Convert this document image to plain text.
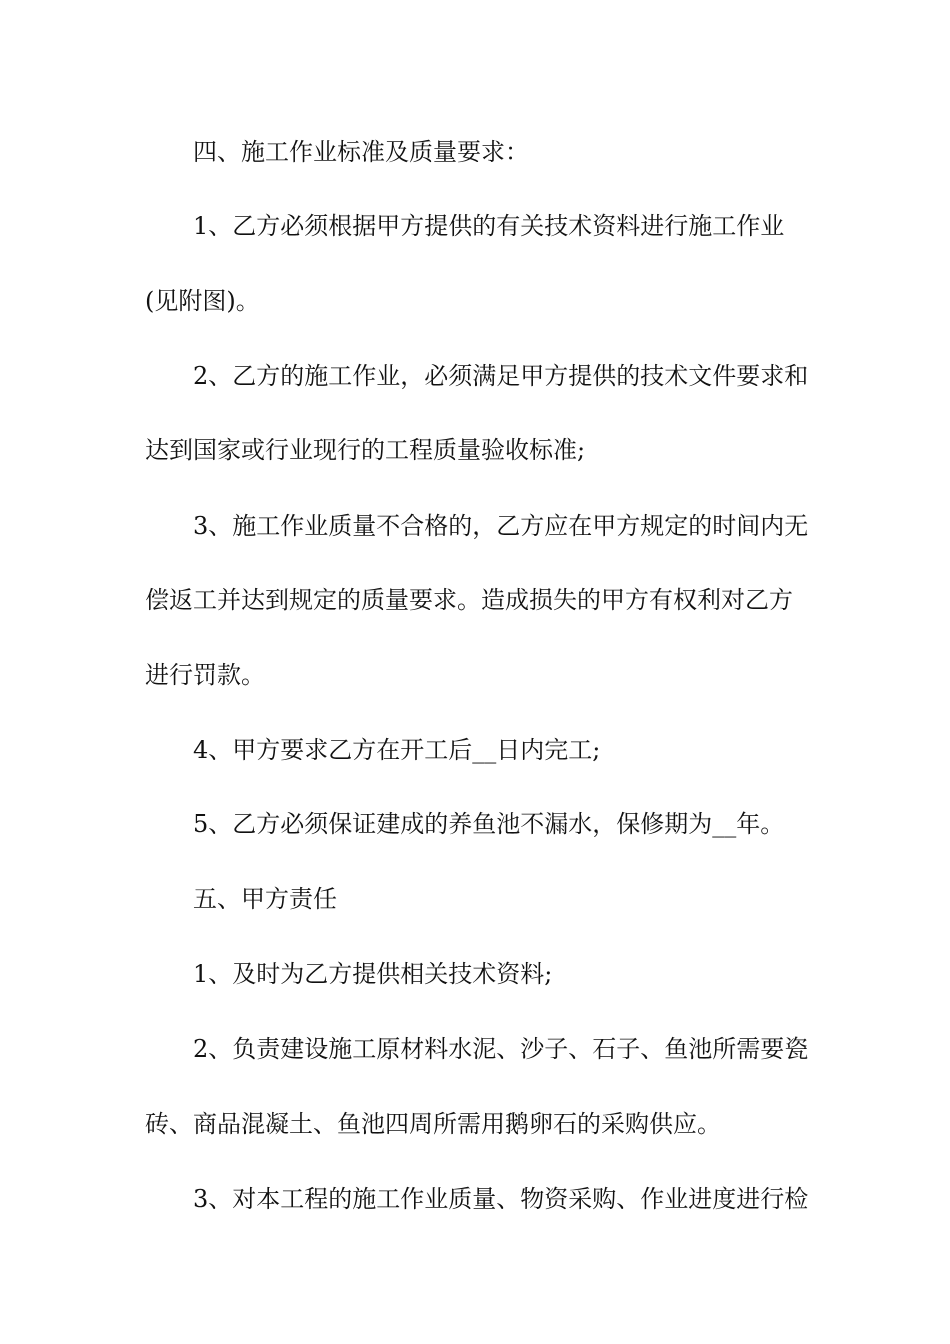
四、施工作业标准及质量要求：
1、乙方必须根据甲方提供的有关技术资料进行施工作业
(见附图)。
2、乙方的施工作业，必须满足甲方提供的技术文件要求和
达到国家或行业现行的工程质量验收标准;
3、施工作业质量不合格的，乙方应在甲方规定的时间内无
偿返工并达到规定的质量要求。造成损失的甲方有权利对乙方
进行罚款。
4、甲方要求乙方在开工后__日内完工;
5、乙方必须保证建成的养鱼池不漏水，保修期为__年。
五、甲方责任
1、及时为乙方提供相关技术资料;
2、负责建设施工原材料水泥、沙子、石子、鱼池所需要瓷
砖、商品混凝土、鱼池四周所需用鹅卵石的采购供应。
3、对本工程的施工作业质量、物资采购、作业进度进行检
